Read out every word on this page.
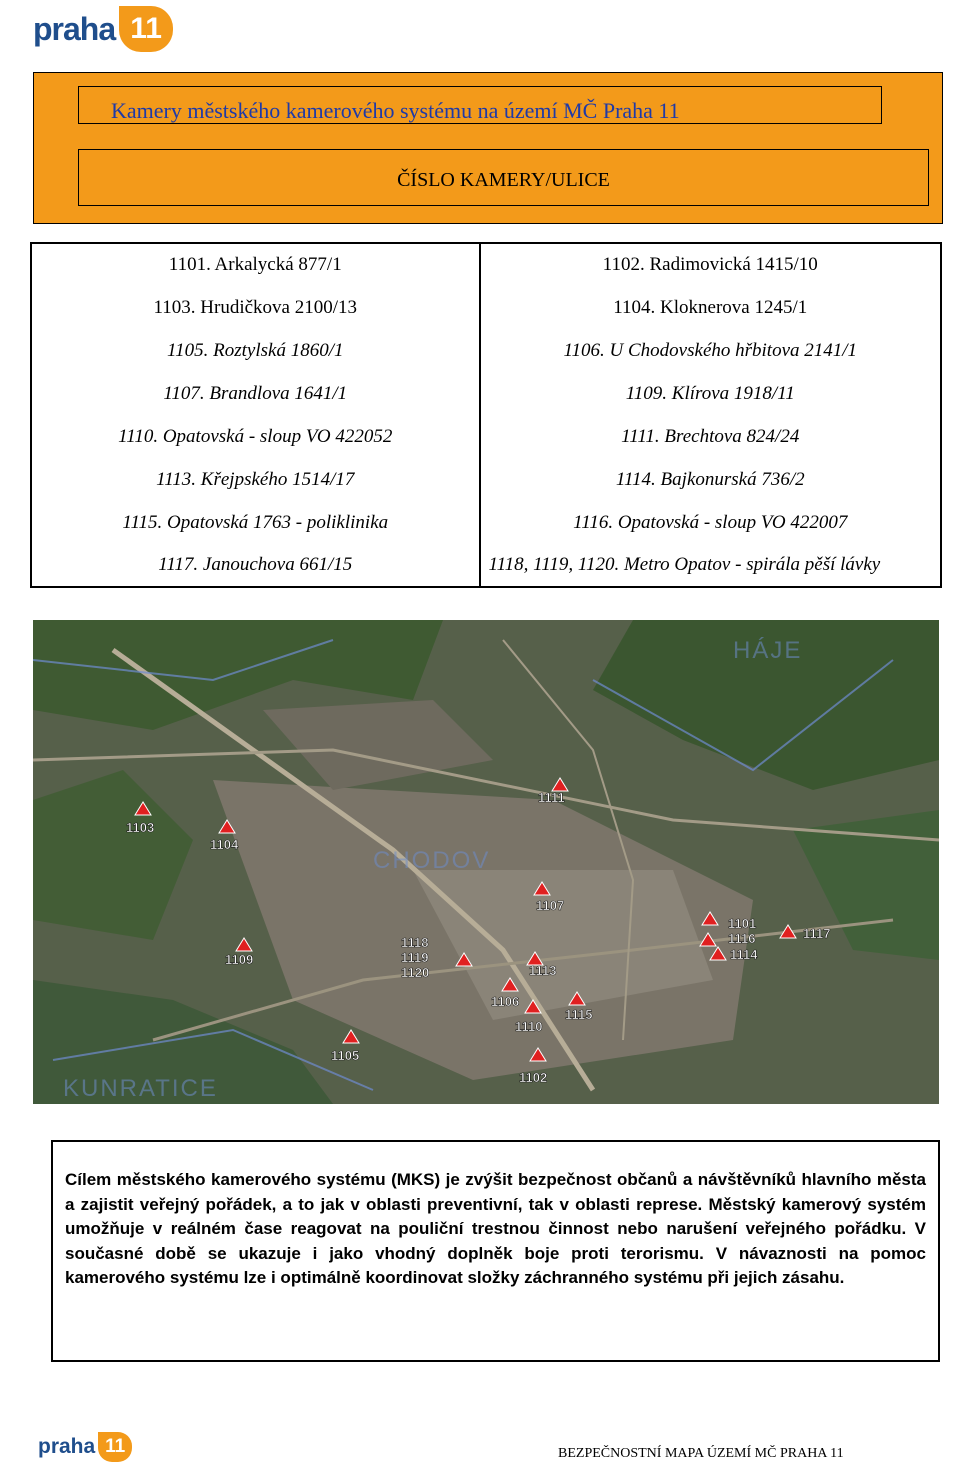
praha 11
Kamery městského kamerového systému na území MČ Praha 11
ČÍSLO KAMERY/ULICE
1101. Arkalycká 877/1	1102. Radimovická 1415/10
1103. Hrudičkova 2100/13	1104. Kloknerova 1245/1
1105. Roztylská 1860/1	1106. U Chodovského hřbitova 2141/1
1107. Brandlova 1641/1	1109. Klírova 1918/11
1110. Opatovská - sloup VO 422052	1111. Brechtova 824/24
1113. Křejpského 1514/17	1114. Bajkonurská 736/2
1115. Opatovská 1763 - poliklinika	1116. Opatovská - sloup VO 422007
1117. Janouchova 661/15	1118, 1119, 1120. Metro Opatov - spirála pěší lávky
HÁJE
CHODOV
KUNRATICE
1111
1103
1104
1107
1101
1116	1117
1114
1109
1118
1119
1120	1113
1106
1115
1110
1105
1102

Cílem městského kamerového systému (MKS) je zvýšit bezpečnost občanů a návštěvníků hlavního města a zajistit veřejný pořádek, a to jak v oblasti preventivní, tak v oblasti represe. Městský kamerový systém umožňuje v reálném čase reagovat na pouliční trestnou činnost nebo narušení veřejného pořádku. V současné době se ukazuje i jako vhodný doplněk boje proti terorismu. V návaznosti na pomoc kamerového systému lze i optimálně koordinovat složky záchranného systému při jejich zásahu.

praha 11	BEZPEČNOSTNÍ MAPA ÚZEMÍ MČ PRAHA 11
